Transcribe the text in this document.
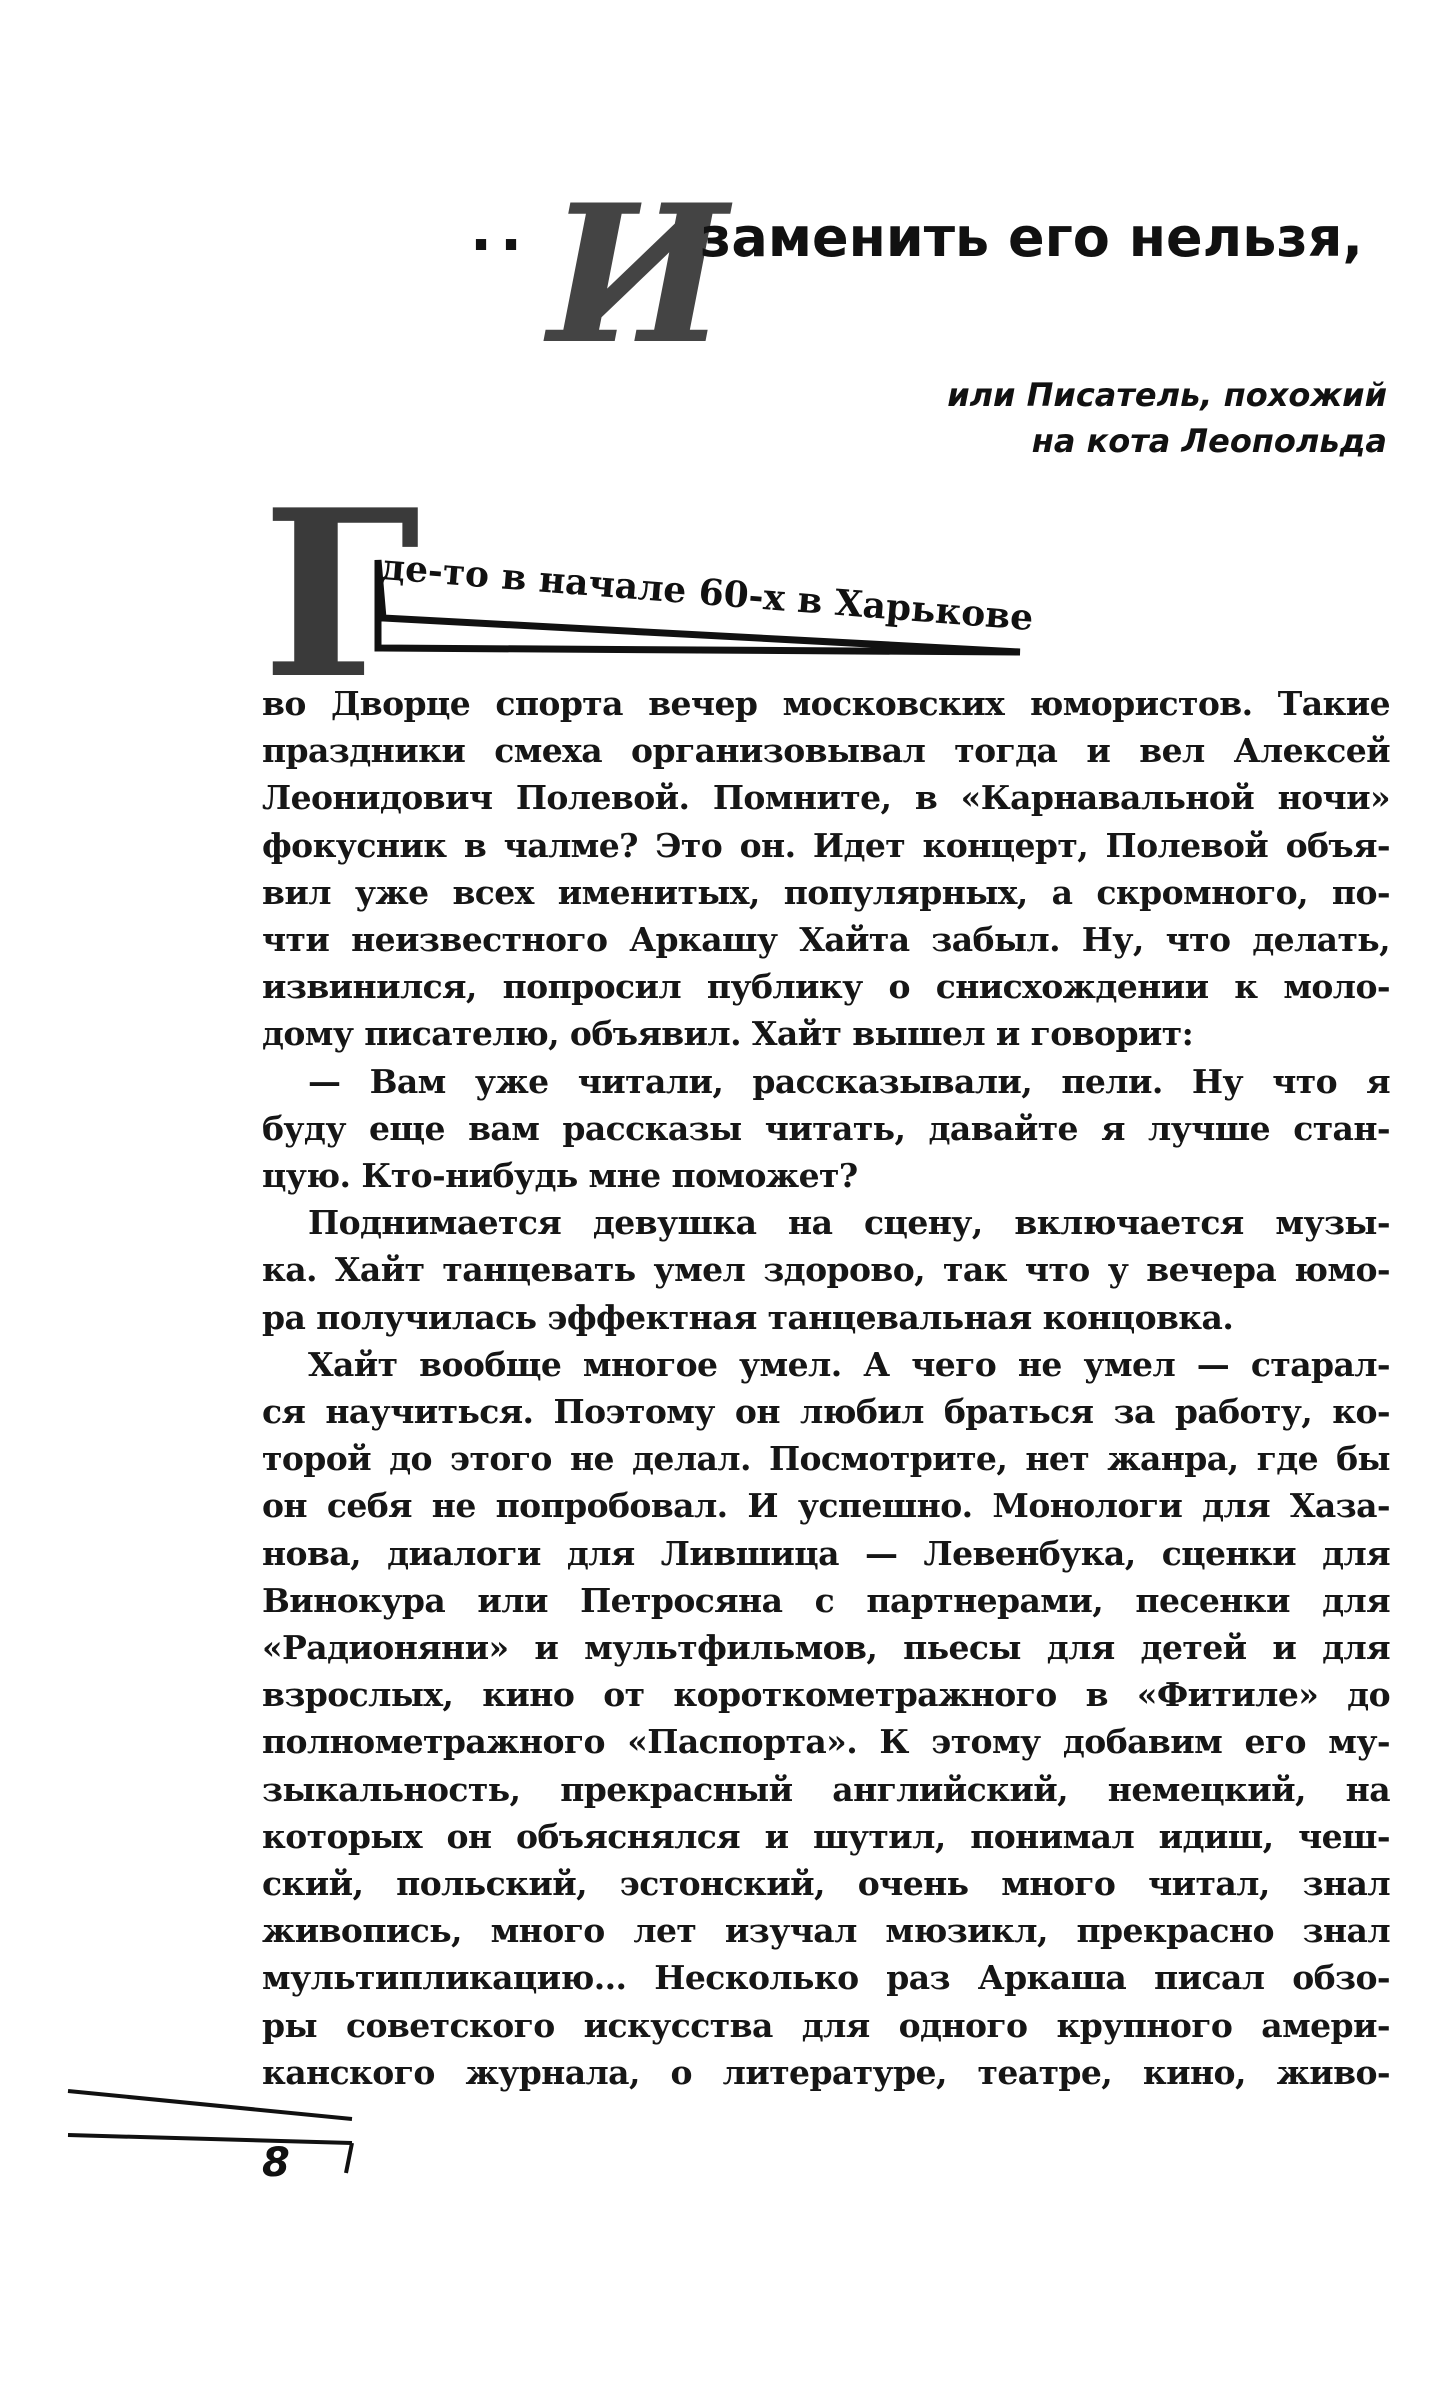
.. И
заменить его нельзя,
или Писатель, похожий
на кота Леопольда
Г
де-то в начале 60-х в Харькове
во Дворце спорта вечер московских юмористов. Такие
праздники смеха организовывал тогда и вел Алексей
Леонидович Полевой. Помните, в «Карнавальной ночи»
фокусник в чалме? Это он. Идет концерт, Полевой объя-
вил уже всех именитых, популярных, а скромного, по-
чти неизвестного Аркашу Хайта забыл. Ну, что делать,
извинился, попросил публику о снисхождении к моло-
дому писателю, объявил. Хайт вышел и говорит:
— Вам уже читали, рассказывали, пели. Ну что я
буду еще вам рассказы читать, давайте я лучше стан-
цую. Кто-нибудь мне поможет?
Поднимается девушка на сцену, включается музы-
ка. Хайт танцевать умел здорово, так что у вечера юмо-
ра получилась эффектная танцевальная концовка.
Хайт вообще многое умел. А чего не умел — старал-
ся научиться. Поэтому он любил браться за работу, ко-
торой до этого не делал. Посмотрите, нет жанра, где бы
он себя не попробовал. И успешно. Монологи для Хаза-
нова, диалоги для Лившица — Левенбука, сценки для
Винокура или Петросяна с партнерами, песенки для
«Радионяни» и мультфильмов, пьесы для детей и для
взрослых, кино от короткометражного в «Фитиле» до
полнометражного «Паспорта». К этому добавим его му-
зыкальность, прекрасный английский, немецкий, на
которых он объяснялся и шутил, понимал идиш, чеш-
ский, польский, эстонский, очень много читал, знал
живопись, много лет изучал мюзикл, прекрасно знал
мультипликацию... Несколько раз Аркаша писал обзо-
ры советского искусства для одного крупного амери-
канского журнала, о литературе, театре, кино, живо-
8
